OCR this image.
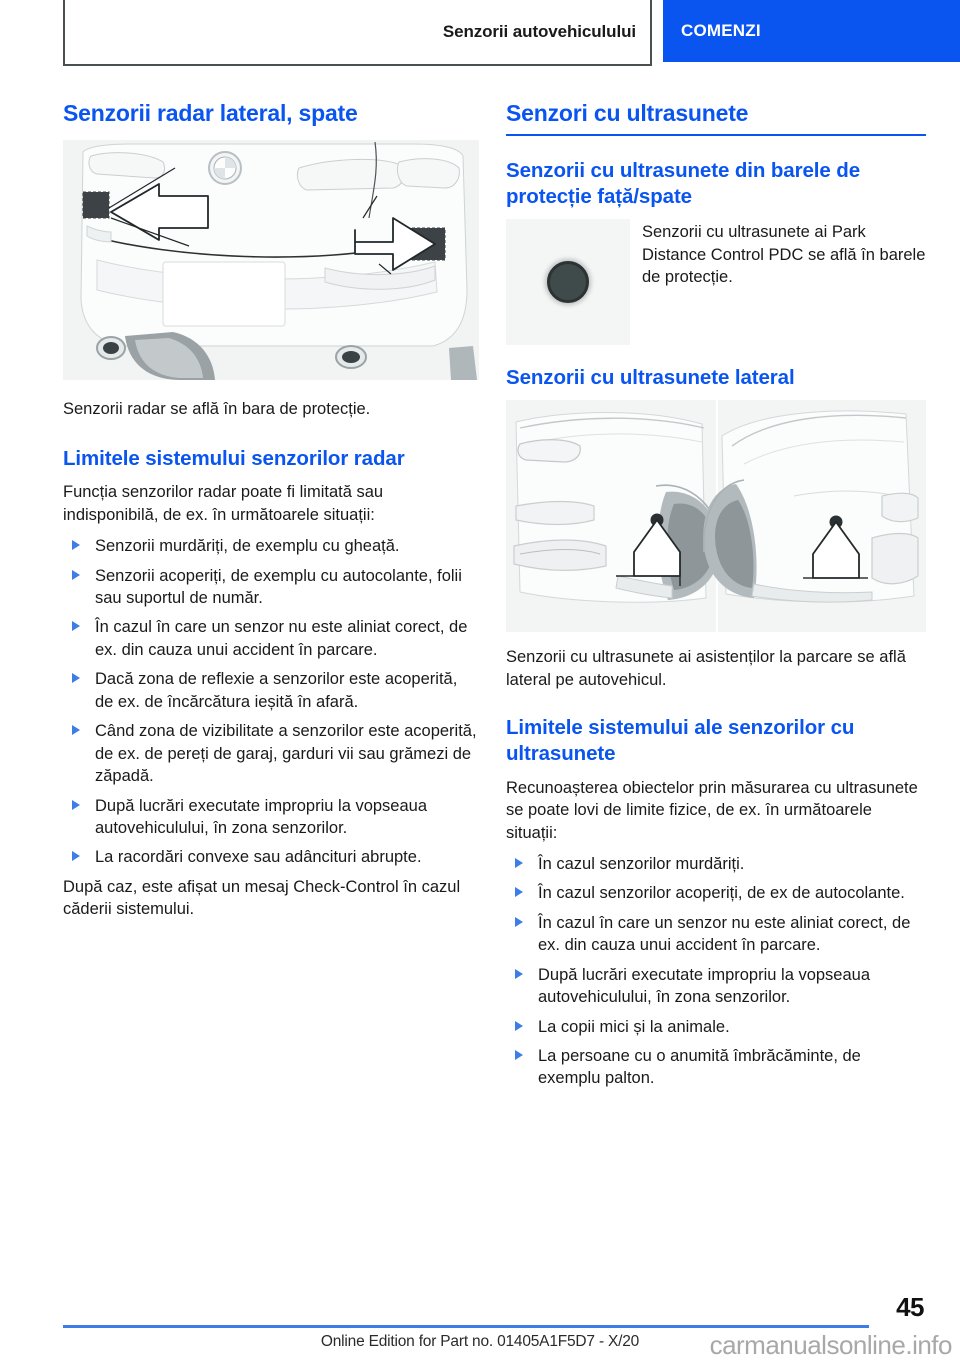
Senzorii autovehiculului	COMENZI
Senzorii radar lateral, spate

Senzorii radar se află în bara de protecție.

Limitele sistemului senzorilor radar

Funcția senzorilor radar poate fi limitată sau indisponibilă, de ex. în următoarele situații:

Senzorii murdăriți, de exemplu cu gheață.
Senzorii acoperiți, de exemplu cu autocolante, folii sau suportul de număr.
În cazul în care un senzor nu este aliniat corect, de ex. din cauza unui accident în parcare.
Dacă zona de reflexie a senzorilor este acoperită, de ex. de încărcătura ieșită în afară.
Când zona de vizibilitate a senzorilor este acoperită, de ex. de pereți de garaj, garduri vii sau grămezi de zăpadă.
După lucrări executate impropriu la vopseaua autovehiculului, în zona senzorilor.
La racordări convexe sau adâncituri abrupte.

După caz, este afișat un mesaj Check-Control în cazul căderii sistemului.

Senzori cu ultrasunete
Senzorii cu ultrasunete din barele de protecție față/spate
Senzorii cu ultrasunete ai Park Distance Control PDC se află în barele de protecție.
Senzorii cu ultrasunete lateral

Senzorii cu ultrasunete ai asistenților la parcare se află lateral pe autovehicul.

Limitele sistemului ale senzorilor cu ultrasunete

Recunoașterea obiectelor prin măsurarea cu ultrasunete se poate lovi de limite fizice, de ex. în următoarele situații:

În cazul senzorilor murdăriți.
În cazul senzorilor acoperiți, de ex de autocolante.
În cazul în care un senzor nu este aliniat corect, de ex. din cauza unui accident în parcare.
După lucrări executate impropriu la vopseaua autovehiculului, în zona senzorilor.
La copii mici și la animale.
La persoane cu o anumită îmbrăcăminte, de exemplu palton.
45
Online Edition for Part no. 01405A1F5D7 - X/20	carmanualsonline.info
